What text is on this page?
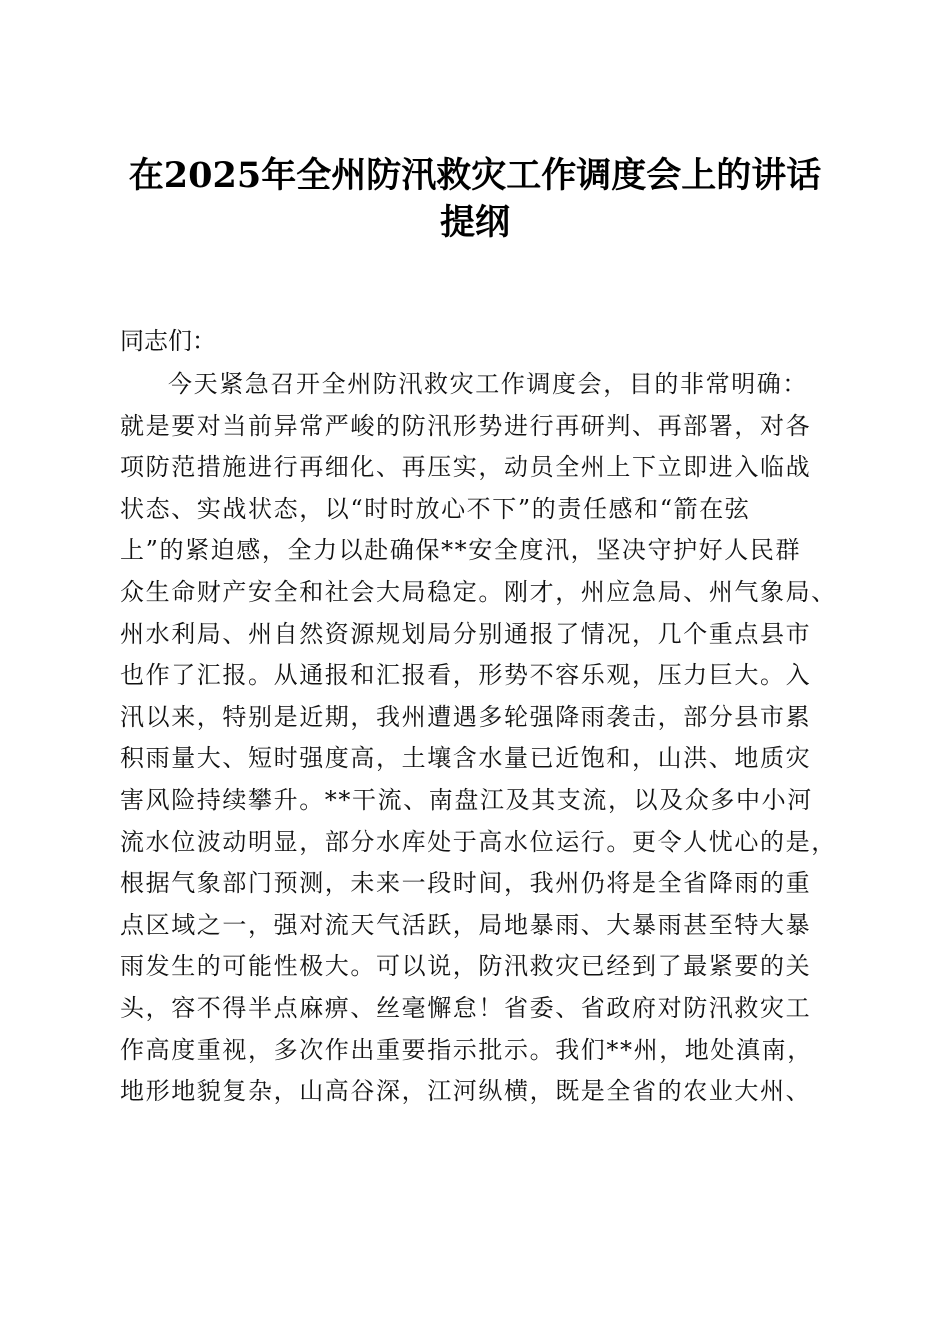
在2025年全州防汛救灾工作调度会上的讲话
提纲
同志们：
今天紧急召开全州防汛救灾工作调度会，目的非常明确：
就是要对当前异常严峻的防汛形势进行再研判、再部署，对各
项防范措施进行再细化、再压实，动员全州上下立即进入临战
状态、实战状态，以“时时放心不下”的责任感和“箭在弦
上”的紧迫感，全力以赴确保**安全度汛，坚决守护好人民群
众生命财产安全和社会大局稳定。刚才，州应急局、州气象局、
州水利局、州自然资源规划局分别通报了情况，几个重点县市
也作了汇报。从通报和汇报看，形势不容乐观，压力巨大。入
汛以来，特别是近期，我州遭遇多轮强降雨袭击，部分县市累
积雨量大、短时强度高，土壤含水量已近饱和，山洪、地质灾
害风险持续攀升。**干流、南盘江及其支流，以及众多中小河
流水位波动明显，部分水库处于高水位运行。更令人忧心的是，
根据气象部门预测，未来一段时间，我州仍将是全省降雨的重
点区域之一，强对流天气活跃，局地暴雨、大暴雨甚至特大暴
雨发生的可能性极大。可以说，防汛救灾已经到了最紧要的关
头，容不得半点麻痹、丝毫懈怠！省委、省政府对防汛救灾工
作高度重视，多次作出重要指示批示。我们**州，地处滇南，
地形地貌复杂，山高谷深，江河纵横，既是全省的农业大州、
